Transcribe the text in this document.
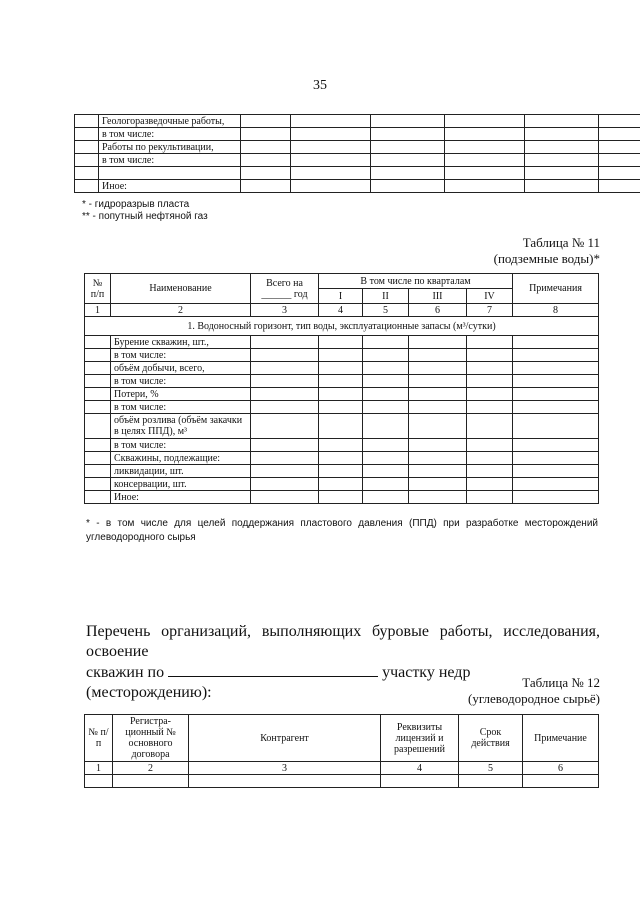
35
	Геологоразведочные работы,						
	в том числе:						
	Работы по рекультивации,						
	в том числе:						

	Иное:						
* - гидроразрыв пласта
** - попутный нефтяной газ
Таблица № 11
(подземные воды)*
№ п/п	Наименование	Всего на ______ год	В том числе по кварталам				Примечания
			I	II	III	IV	
1	2	3	4	5	6	7	8
1. Водоносный горизонт, тип воды, эксплуатационные запасы (м³/сутки)							
	Бурение скважин, шт.,						
	в том числе:						
	объём добычи, всего,						
	в том числе:						
	Потери, %						
	в том числе:						
	объём розлива (объём закачки в целях ППД), м³						
	в том числе:						
	Скважины, подлежащие:						
	ликвидации, шт.						
	консервации, шт.						
	Иное:						
* - в том числе для целей поддержания пластового давления (ППД) при разработке месторождений углеводородного сырья
Перечень организаций, выполняющих буровые работы, исследования, освоение
скважин по	участку недр (месторождению):
Таблица № 12
(углеводородное сырьё)
№ п/п	Регистра-ционный № основного договора	Контрагент	Реквизиты лицензий и разрешений	Срок действия	Примечание
1	2	3	4	5	6
